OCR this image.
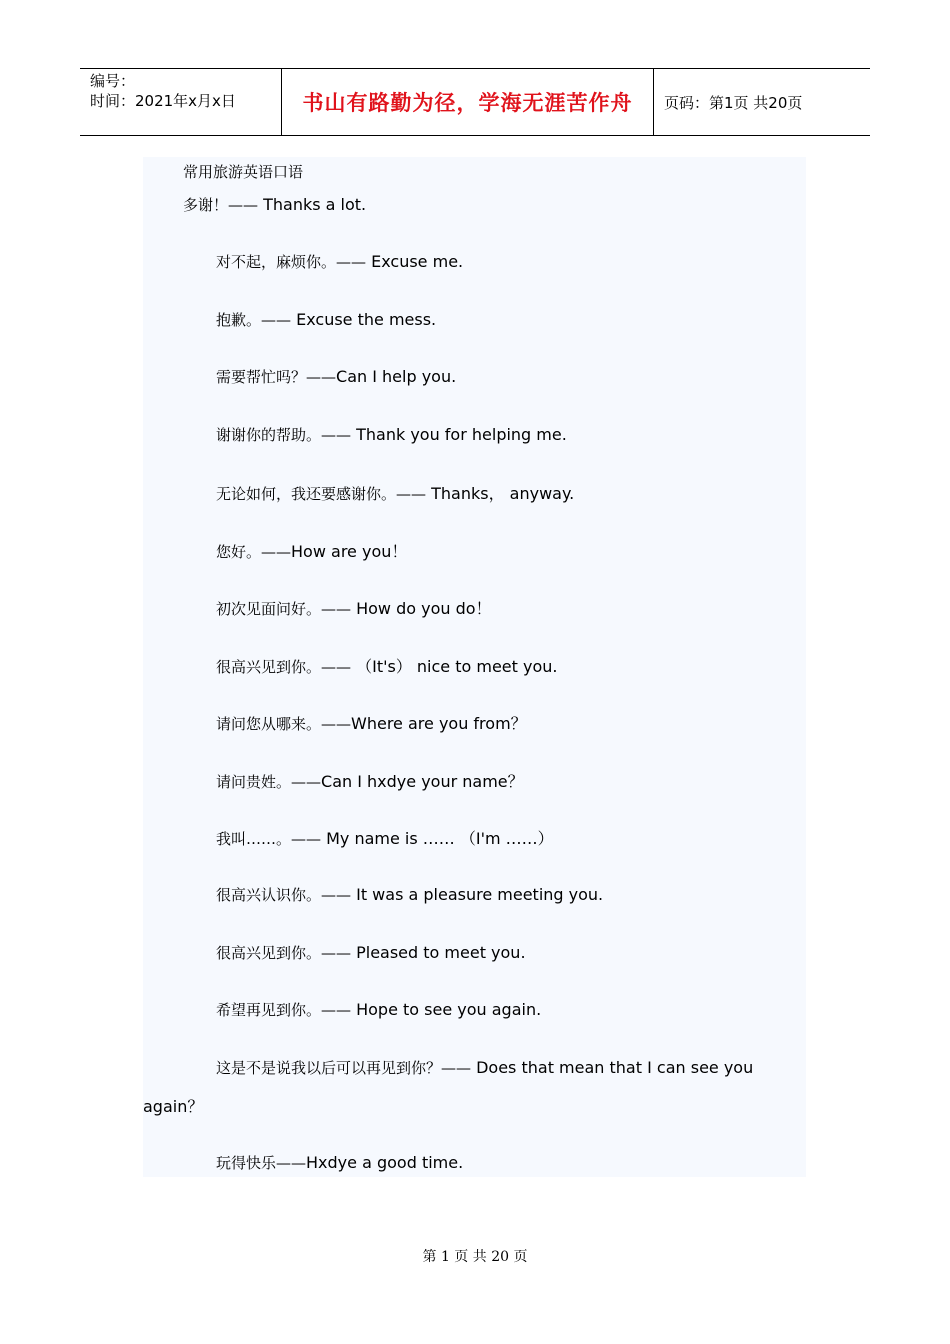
编号：
时间：2021年x月x日	书山有路勤为径，学海无涯苦作舟 页码：第1页 共20页
常用旅游英语口语
多谢！—— Thanks a lot.
对不起，麻烦你。—— Excuse me.
抱歉。—— Excuse the mess.
需要帮忙吗？——Can I help you.
谢谢你的帮助。—— Thank you for helping me.
无论如何，我还要感谢你。—— Thanks， anyway.
您好。——How are you！
初次见面问好。—— How do you do！
很高兴见到你。—— （It's） nice to meet you.
请问您从哪来。——Where are you from？
请问贵姓。——Can I hxdye your name？
我叫……。—— My name is …… （I'm ……）
很高兴认识你。—— It was a pleasure meeting you.
很高兴见到你。—— Pleased to meet you.
希望再见到你。—— Hope to see you again.
这是不是说我以后可以再见到你？—— Does that mean that I can see you
again？
玩得快乐——Hxdye a good time.
第 1 页 共 20 页
